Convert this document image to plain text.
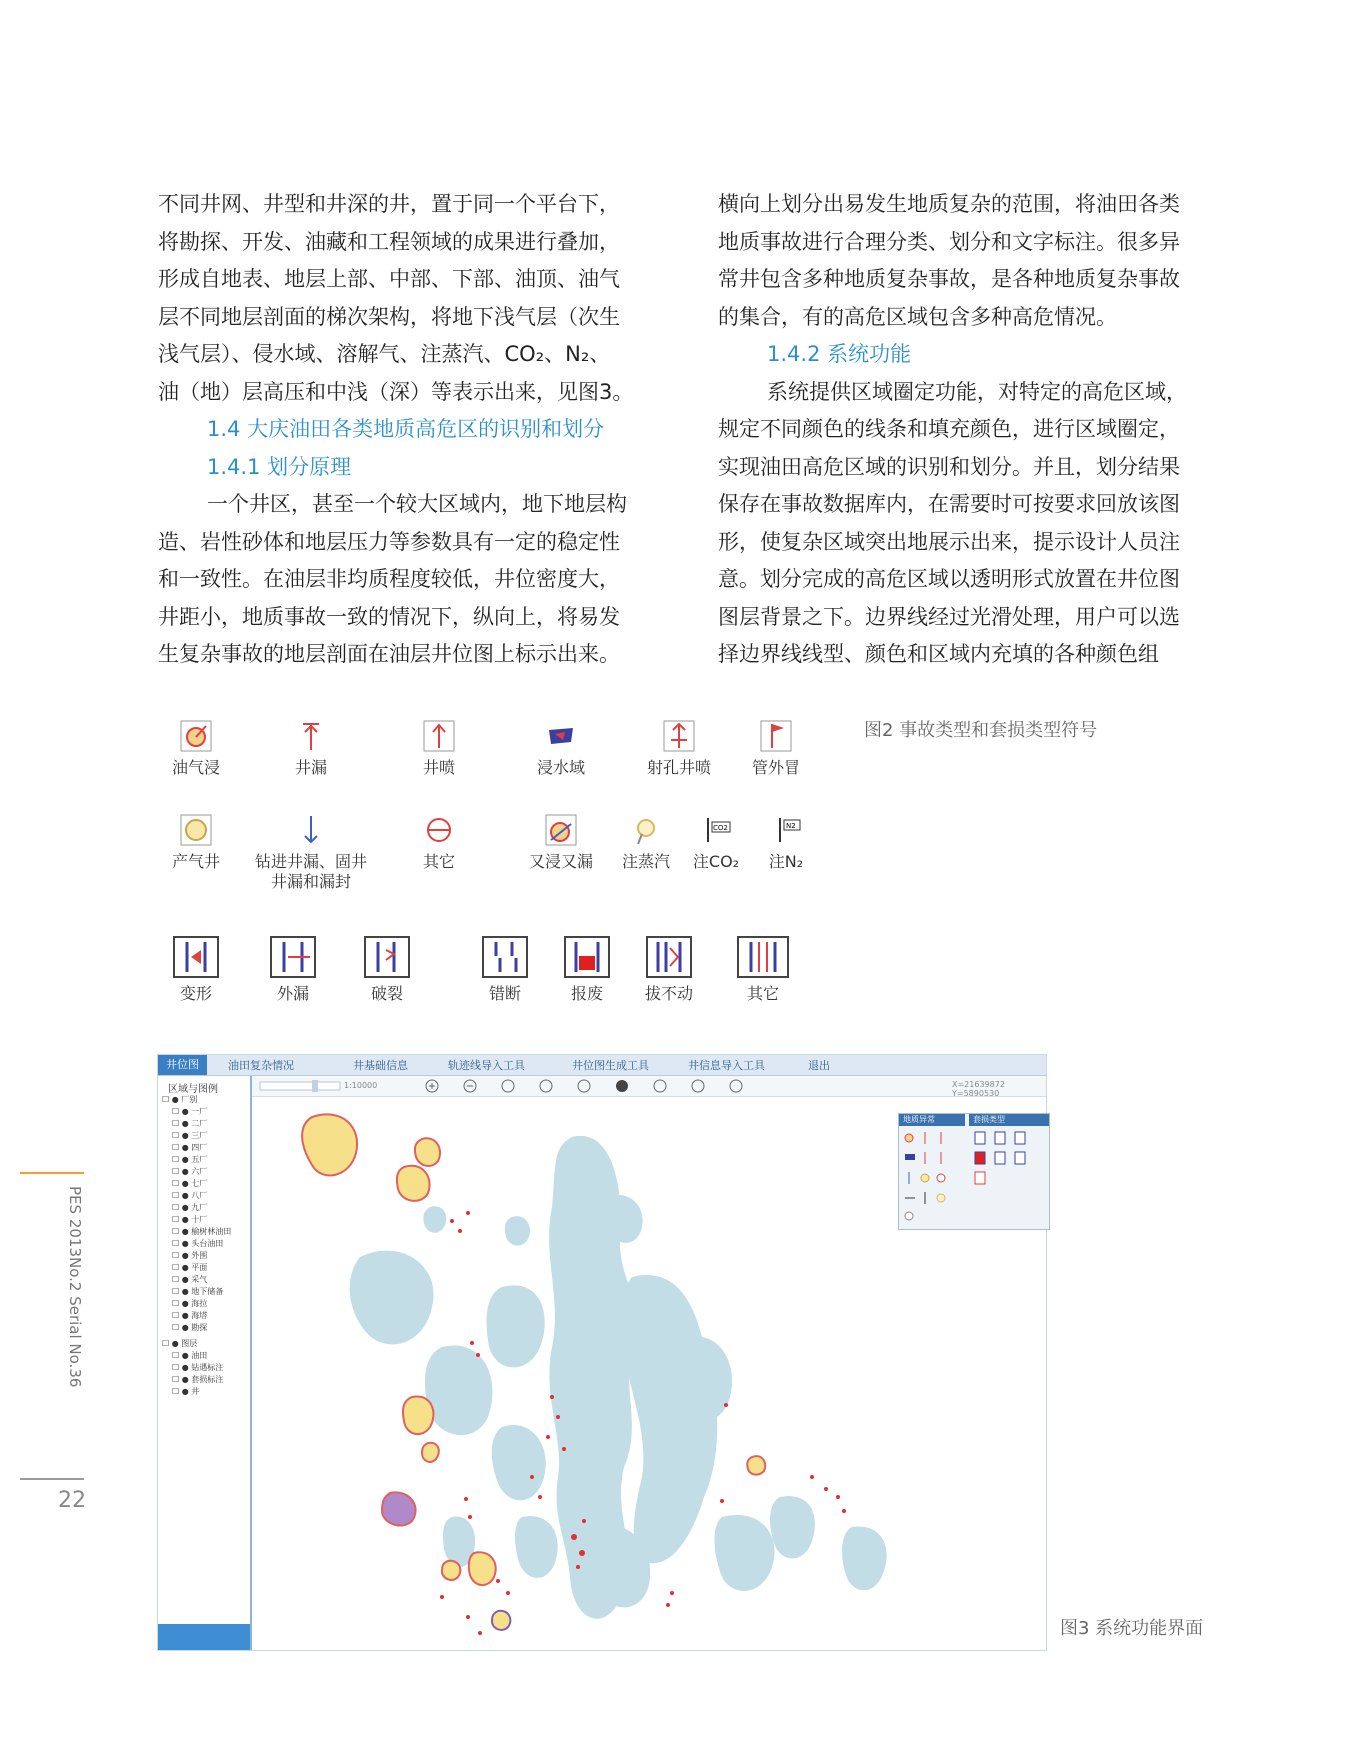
不同井网、井型和井深的井，置于同一个平台下，

将勘探、开发、油藏和工程领域的成果进行叠加，

形成自地表、地层上部、中部、下部、油顶、油气

层不同地层剖面的梯次架构，将地下浅气层（次生

浅气层）、侵水域、溶解气、注蒸汽、CO₂、N₂、

油（地）层高压和中浅（深）等表示出来，见图3。

1.4 大庆油田各类地质高危区的识别和划分

1.4.1 划分原理

一个井区，甚至一个较大区域内，地下地层构

造、岩性砂体和地层压力等参数具有一定的稳定性

和一致性。在油层非均质程度较低，井位密度大，

井距小，地质事故一致的情况下，纵向上，将易发

生复杂事故的地层剖面在油层井位图上标示出来。

横向上划分出易发生地质复杂的范围，将油田各类

地质事故进行合理分类、划分和文字标注。很多异

常井包含多种地质复杂事故，是各种地质复杂事故

的集合，有的高危区域包含多种高危情况。

1.4.2 系统功能

系统提供区域圈定功能，对特定的高危区域，

规定不同颜色的线条和填充颜色，进行区域圈定，

实现油田高危区域的识别和划分。并且，划分结果

保存在事故数据库内，在需要时可按要求回放该图

形，使复杂区域突出地展示出来，提示设计人员注

意。划分完成的高危区域以透明形式放置在井位图

图层背景之下。边界线经过光滑处理，用户可以选

择边界线线型、颜色和区域内充填的各种颜色组

PES 2013No.2 Serial No.36
22
油气浸	井漏	井喷	浸水域	射孔井喷	管外冒
产气井	钻进井漏、固井
井漏和漏封
其它	又浸又漏	注蒸汽
CO2
注CO₂
N2
注N₂
变形	外漏	破裂	错断	报废	拔不动	其它
图2 事故类型和套损类型符号
井位图	油田复杂情况	井基础信息	轨迹线导入工具	井位图生成工具	井信息导入工具	退出
区域与图例
☐ ● 厂别
☐ ● 一厂
☐ ● 二厂
☐ ● 三厂
☐ ● 四厂
☐ ● 五厂
☐ ● 六厂
☐ ● 七厂
☐ ● 八厂
☐ ● 九厂
☐ ● 十厂
☐ ● 榆树林油田
☐ ● 头台油田
☐ ● 外围
☐ ● 平面
☐ ● 采气
☐ ● 地下储备
☐ ● 海拉
☐ ● 海塔
☐ ● 勘探
☐ ● 图层
☐ ● 油田
☐ ● 钻遇标注
☐ ● 套损标注
☐ ● 井
1:10000	X=21639872 Y=5890530
地质异常	套损类型
图3 系统功能界面
